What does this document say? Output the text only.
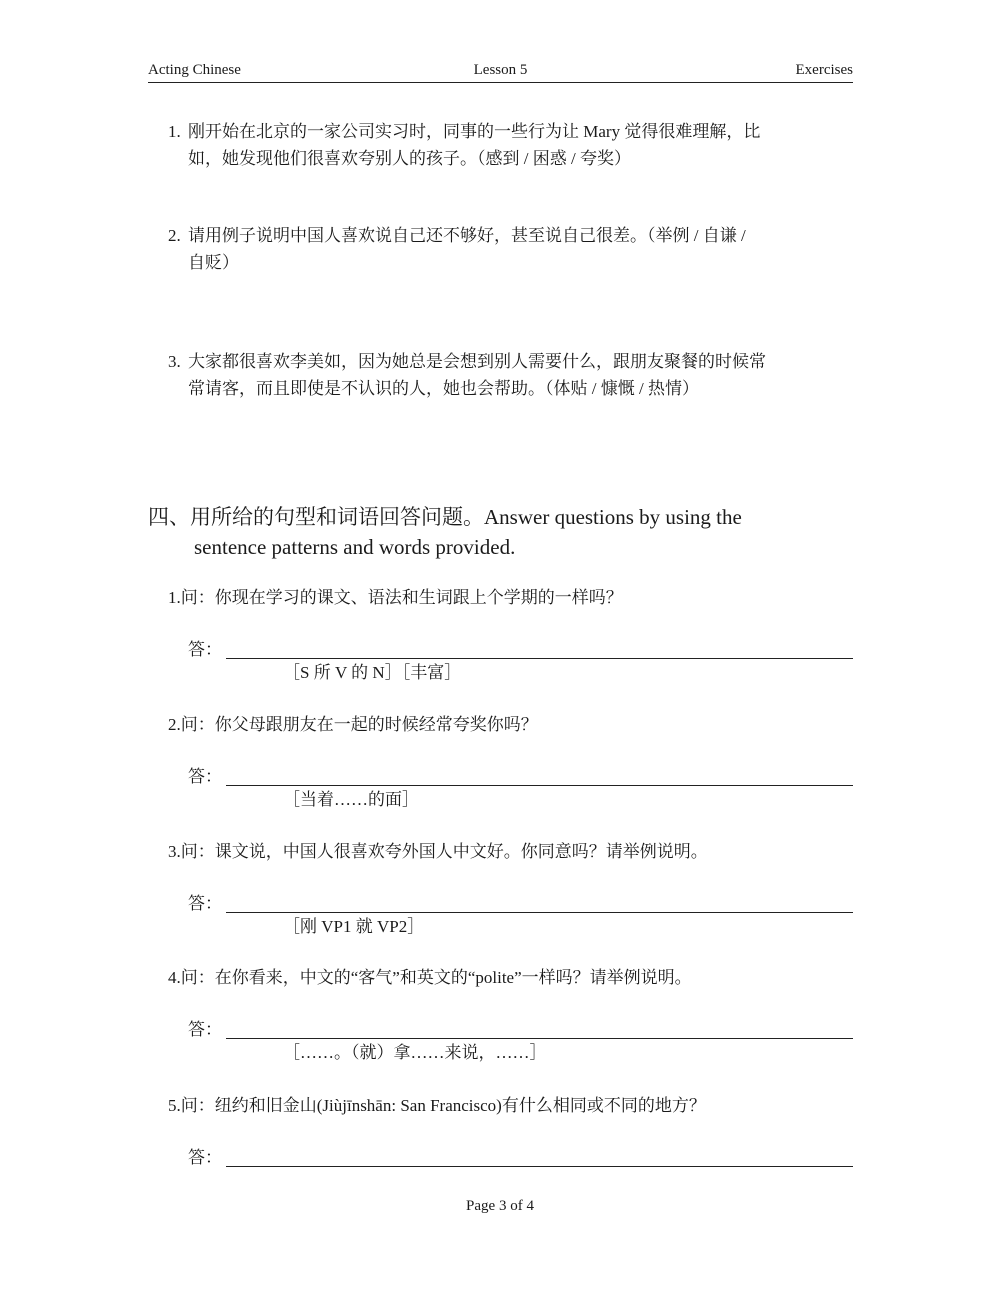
Acting Chinese	Lesson 5	Exercises
1. 刚开始在北京的一家公司实习时，同事的一些行为让 Mary 觉得很难理解，比
如，她发现他们很喜欢夸别人的孩子。（感到 / 困惑 / 夸奖）
2. 请用例子说明中国人喜欢说自己还不够好，甚至说自己很差。（举例 / 自谦 /
自贬）
3. 大家都很喜欢李美如，因为她总是会想到别人需要什么，跟朋友聚餐的时候常
常请客，而且即使是不认识的人，她也会帮助。（体贴 / 慷慨 / 热情）
四、用所给的句型和词语回答问题。Answer questions by using the
sentence patterns and words provided.
1.问：你现在学习的课文、语法和生词跟上个学期的一样吗？
答：
［S 所 V 的 N］［丰富］
2.问：你父母跟朋友在一起的时候经常夸奖你吗？
答：
［当着……的面］
3.问：课文说，中国人很喜欢夸外国人中文好。你同意吗？请举例说明。
答：
［刚 VP1 就 VP2］
4.问：在你看来，中文的“客气”和英文的“polite”一样吗？请举例说明。
答：
［……。（就）拿……来说，……］
5.问：纽约和旧金山(Jiùjīnshān: San Francisco)有什么相同或不同的地方？
答：
Page 3 of 4
